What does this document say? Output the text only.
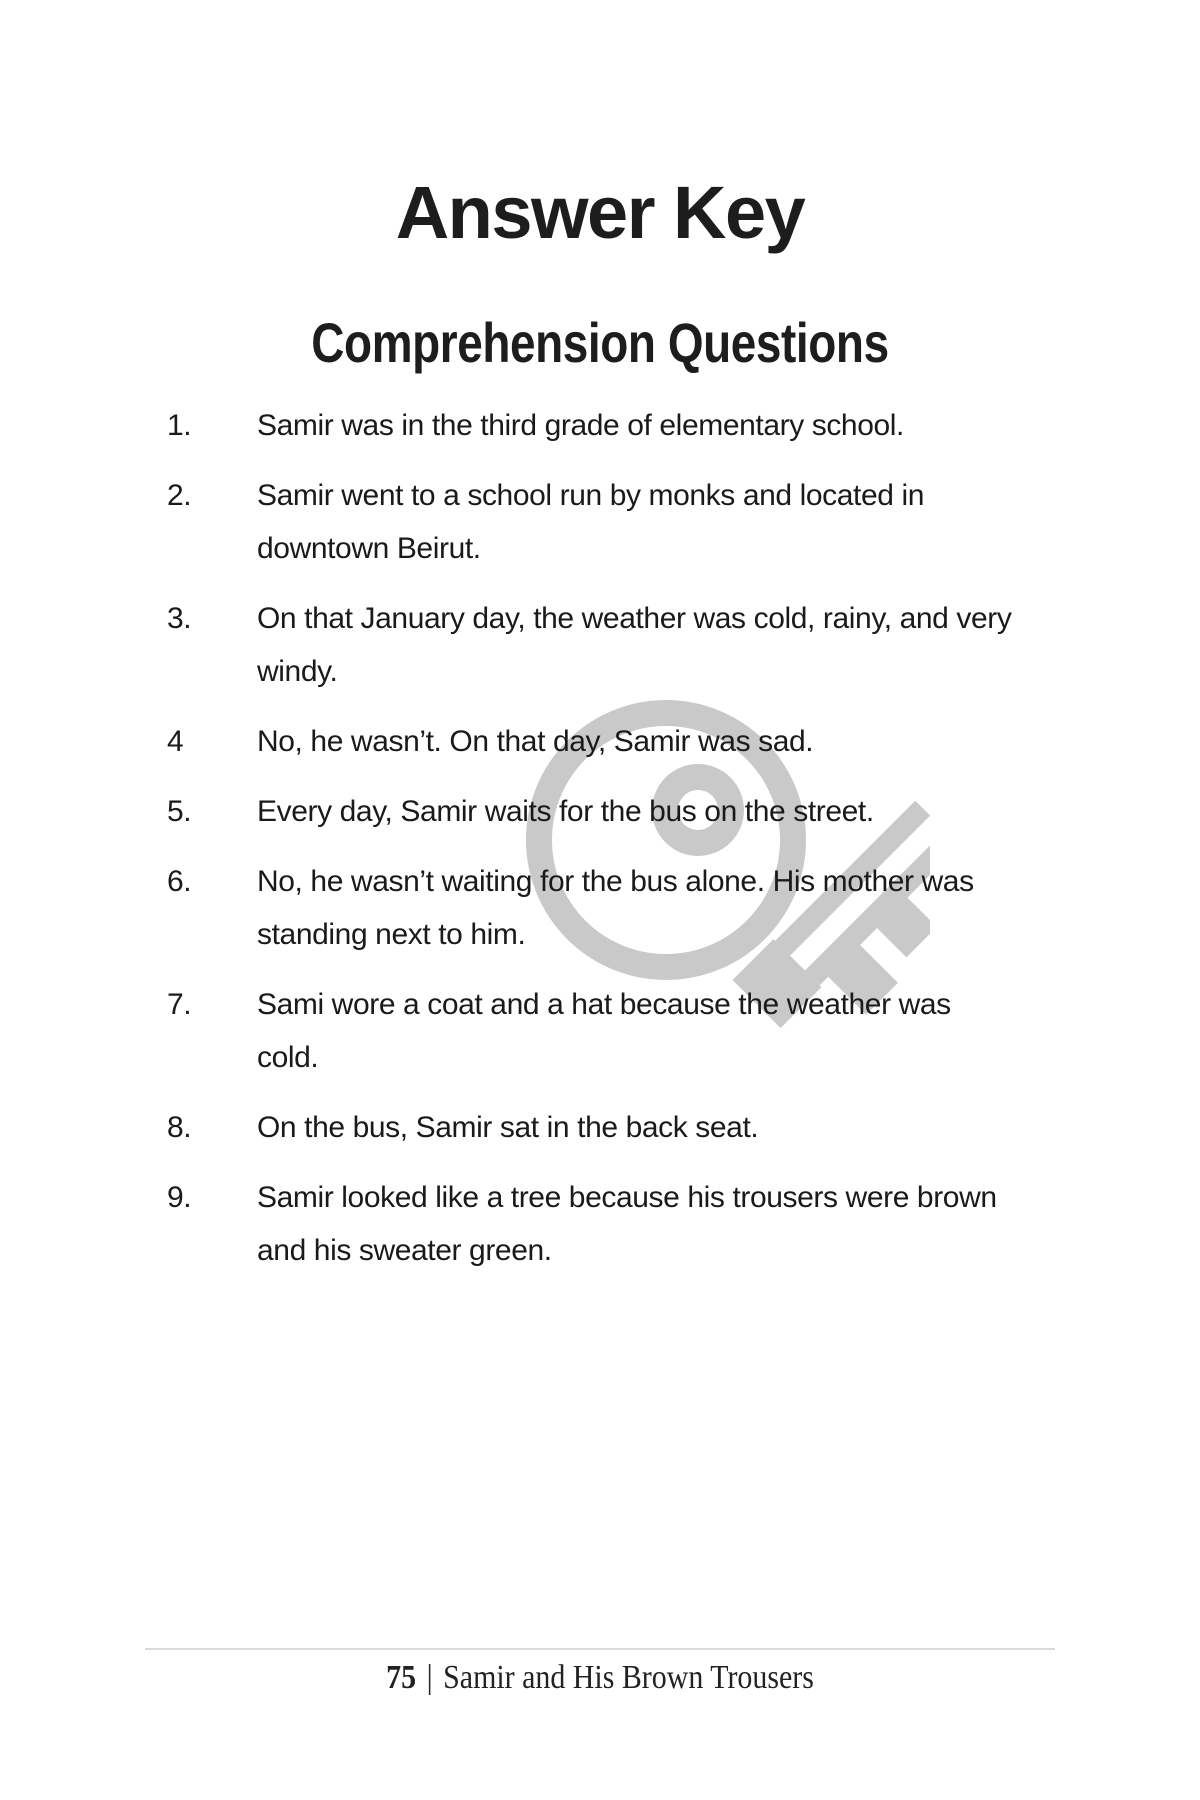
Answer Key
Comprehension Questions
1. Samir was in the third grade of elementary school.
2. Samir went to a school run by monks and located in
downtown Beirut.
3. On that January day, the weather was cold, rainy, and very
windy.
4 No, he wasn’t. On that day, Samir was sad.
5. Every day, Samir waits for the bus on the street.
6. No, he wasn’t waiting for the bus alone. His mother was
standing next to him.
7. Sami wore a coat and a hat because the weather was
cold.
8. On the bus, Samir sat in the back seat.
9. Samir looked like a tree because his trousers were brown
and his sweater green.
75 | Samir and His Brown Trousers
